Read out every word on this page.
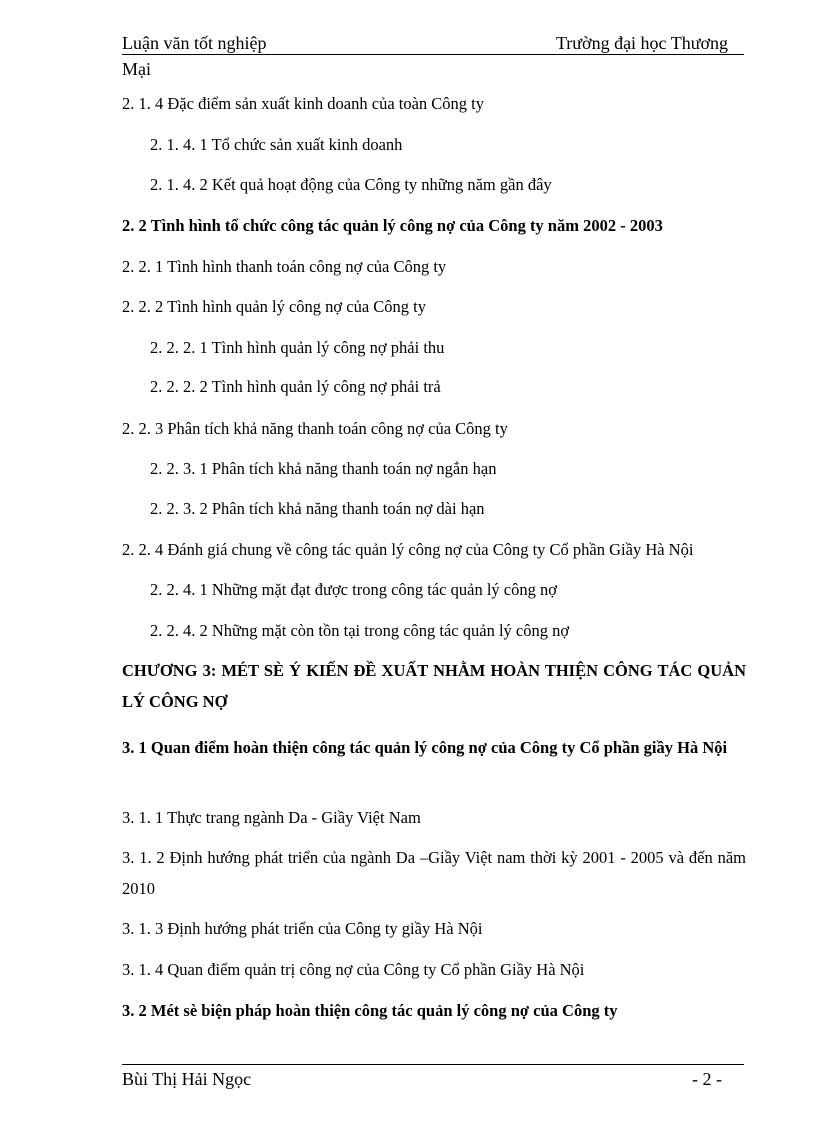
Luận văn tốt nghiệp	Trường đại học Thương
Mại
2. 1. 4 Đặc điểm sản xuất kinh doanh của toàn Công ty
2. 1. 4. 1 Tổ chức sản xuất kinh doanh
2. 1. 4. 2 Kết quả hoạt động của Công ty những năm gần đây
2. 2 Tình hình tổ chức công tác quản lý công nợ của Công ty năm 2002 - 2003
2. 2. 1 Tình hình thanh toán công nợ của Công ty
2. 2. 2 Tình hình quản lý công nợ của Công ty
2. 2. 2. 1 Tình hình quản lý công nợ phải thu
2. 2. 2. 2 Tình hình quản lý công nợ phải trả
2. 2. 3 Phân tích khả năng thanh toán công nợ của Công ty
2. 2. 3. 1 Phân tích khả năng thanh toán nợ ngắn hạn
2. 2. 3. 2 Phân tích khả năng thanh toán nợ dài hạn
2. 2. 4 Đánh giá chung về công tác quản lý công nợ của Công ty Cổ phần Giầy Hà Nội
2. 2. 4. 1 Những mặt đạt được trong công tác quản lý công nợ
2. 2. 4. 2 Những mặt còn tồn tại trong công tác quản lý công nợ
CHƯƠNG 3: MÉT SÈ Ý KIẾN ĐỀ XUẤT NHẰM HOÀN THIỆN CÔNG TÁC QUẢN LÝ CÔNG NỢ
3. 1 Quan điểm hoàn thiện công tác quản lý công nợ của Công ty Cổ phần giầy Hà Nội
3. 1. 1 Thực trang ngành Da - Giầy Việt Nam
3. 1. 2 Định hướng phát triển của ngành Da –Giầy Việt nam thời kỳ 2001 - 2005 và đến năm 2010
3. 1. 3 Định hướng phát triển của Công ty giầy Hà Nội
3. 1. 4 Quan điểm quản trị công nợ của Công ty Cổ phần Giầy Hà Nội
3. 2 Mét sè biện pháp hoàn thiện công tác quản lý công nợ của Công ty
Bùi Thị Hải Ngọc	- 2 -
